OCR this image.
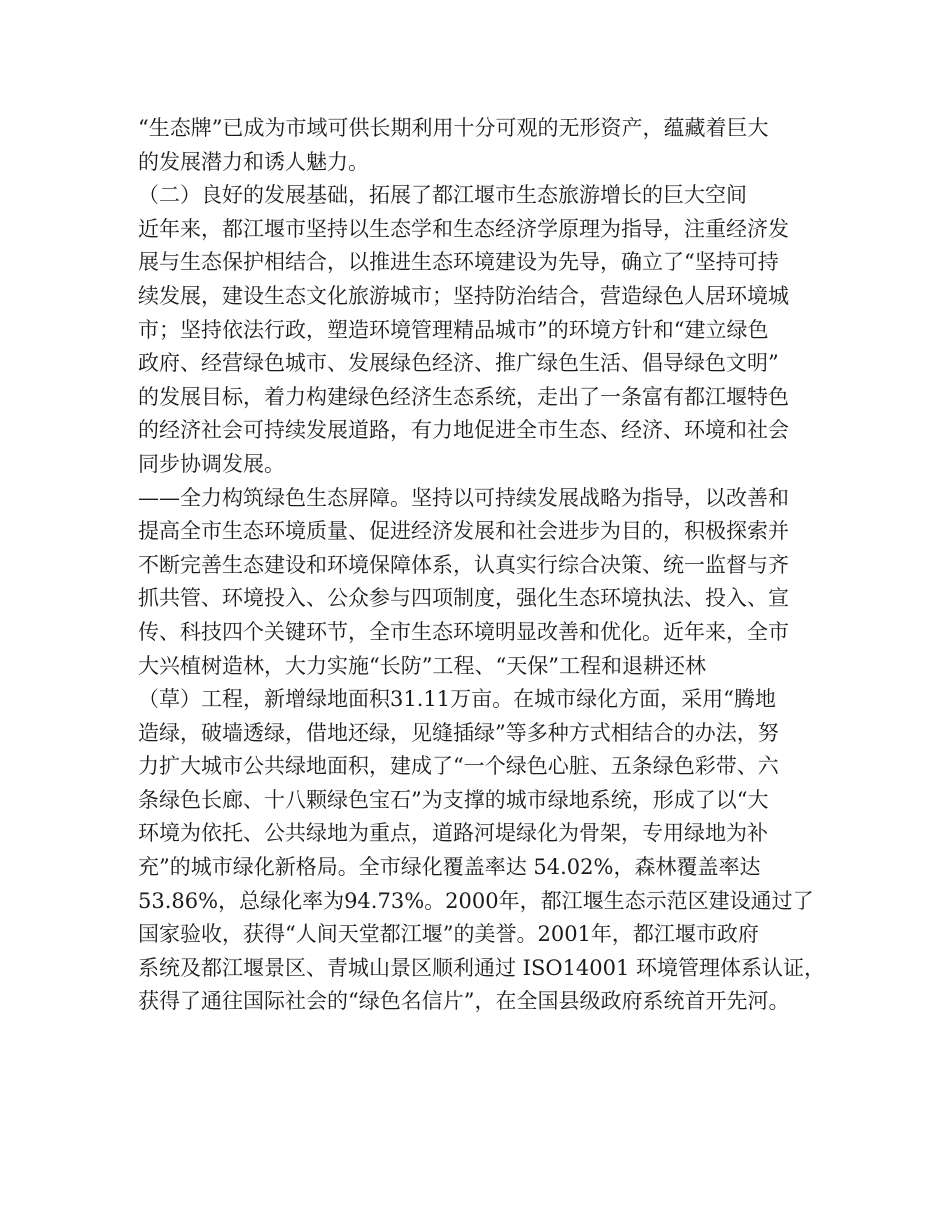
“生态牌”已成为市域可供长期利用十分可观的无形资产，蕴藏着巨大
的发展潜力和诱人魅力。
（二）良好的发展基础，拓展了都江堰市生态旅游增长的巨大空间
近年来，都江堰市坚持以生态学和生态经济学原理为指导，注重经济发
展与生态保护相结合，以推进生态环境建设为先导，确立了“坚持可持
续发展，建设生态文化旅游城市；坚持防治结合，营造绿色人居环境城
市；坚持依法行政，塑造环境管理精品城市”的环境方针和“建立绿色
政府、经营绿色城市、发展绿色经济、推广绿色生活、倡导绿色文明”
的发展目标，着力构建绿色经济生态系统，走出了一条富有都江堰特色
的经济社会可持续发展道路，有力地促进全市生态、经济、环境和社会
同步协调发展。
——全力构筑绿色生态屏障。坚持以可持续发展战略为指导，以改善和
提高全市生态环境质量、促进经济发展和社会进步为目的，积极探索并
不断完善生态建设和环境保障体系，认真实行综合决策、统一监督与齐
抓共管、环境投入、公众参与四项制度，强化生态环境执法、投入、宣
传、科技四个关键环节，全市生态环境明显改善和优化。近年来，全市
大兴植树造林，大力实施“长防”工程、“天保”工程和退耕还林
（草）工程，新增绿地面积31.11万亩。在城市绿化方面，采用“腾地
造绿，破墙透绿，借地还绿，见缝插绿”等多种方式相结合的办法，努
力扩大城市公共绿地面积，建成了“一个绿色心脏、五条绿色彩带、六
条绿色长廊、十八颗绿色宝石”为支撑的城市绿地系统，形成了以“大
环境为依托、公共绿地为重点，道路河堤绿化为骨架，专用绿地为补
充”的城市绿化新格局。全市绿化覆盖率达 54.02%，森林覆盖率达
53.86%，总绿化率为94.73%。2000年，都江堰生态示范区建设通过了
国家验收，获得“人间天堂都江堰”的美誉。2001年，都江堰市政府
系统及都江堰景区、青城山景区顺利通过 ISO14001 环境管理体系认证，
获得了通往国际社会的“绿色名信片”，在全国县级政府系统首开先河。
